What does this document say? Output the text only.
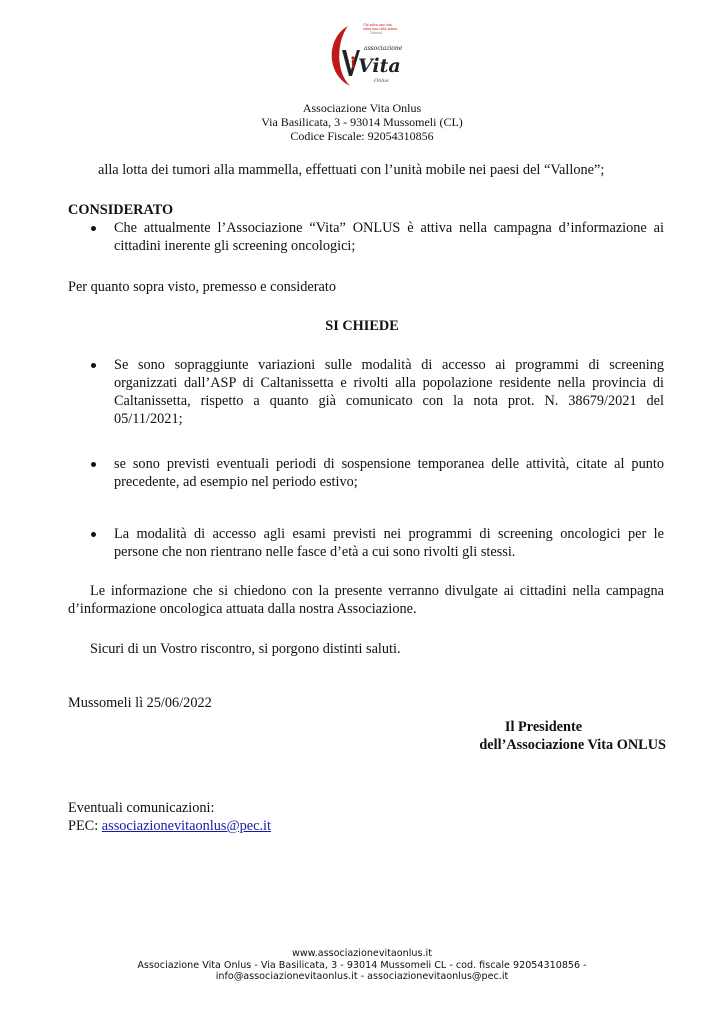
Chi salva una vita,
salva una città intera
Talmud
associazione
Vita
Onlus
Associazione Vita Onlus
Via Basilicata, 3 - 93014 Mussomeli (CL)
Codice Fiscale: 92054310856
alla lotta dei tumori alla mammella, effettuati con l’unità mobile nei paesi del “Vallone”;
CONSIDERATO
Che attualmente l’Associazione “Vita” ONLUS è attiva nella campagna d’informazione ai
cittadini inerente gli screening oncologici;
Per quanto sopra visto, premesso e considerato
SI CHIEDE
Se sono sopraggiunte variazioni sulle modalità di accesso ai programmi di screening
organizzati dall’ASP di Caltanissetta e rivolti alla popolazione residente nella provincia di
Caltanissetta, rispetto a quanto già comunicato con la nota prot. N. 38679/2021 del
05/11/2021;
se sono previsti eventuali periodi di sospensione temporanea delle attività, citate al punto
precedente, ad esempio nel periodo estivo;
La modalità di accesso agli esami previsti nei programmi di screening oncologici per le
persone che non rientrano nelle fasce d’età a cui sono rivolti gli stessi.
Le informazione che si chiedono con la presente verranno divulgate ai cittadini nella campagna
d’informazione oncologica attuata dalla nostra Associazione.
Sicuri di un Vostro riscontro, si porgono distinti saluti.
Mussomeli lì 25/06/2022
Il Presidente
dell’Associazione Vita ONLUS
Eventuali comunicazioni:
PEC: associazionevitaonlus@pec.it
www.associazionevitaonlus.it
Associazione Vita Onlus - Via Basilicata, 3 - 93014 Mussomeli CL - cod. fiscale 92054310856 -
info@associazionevitaonlus.it - associazionevitaonlus@pec.it
